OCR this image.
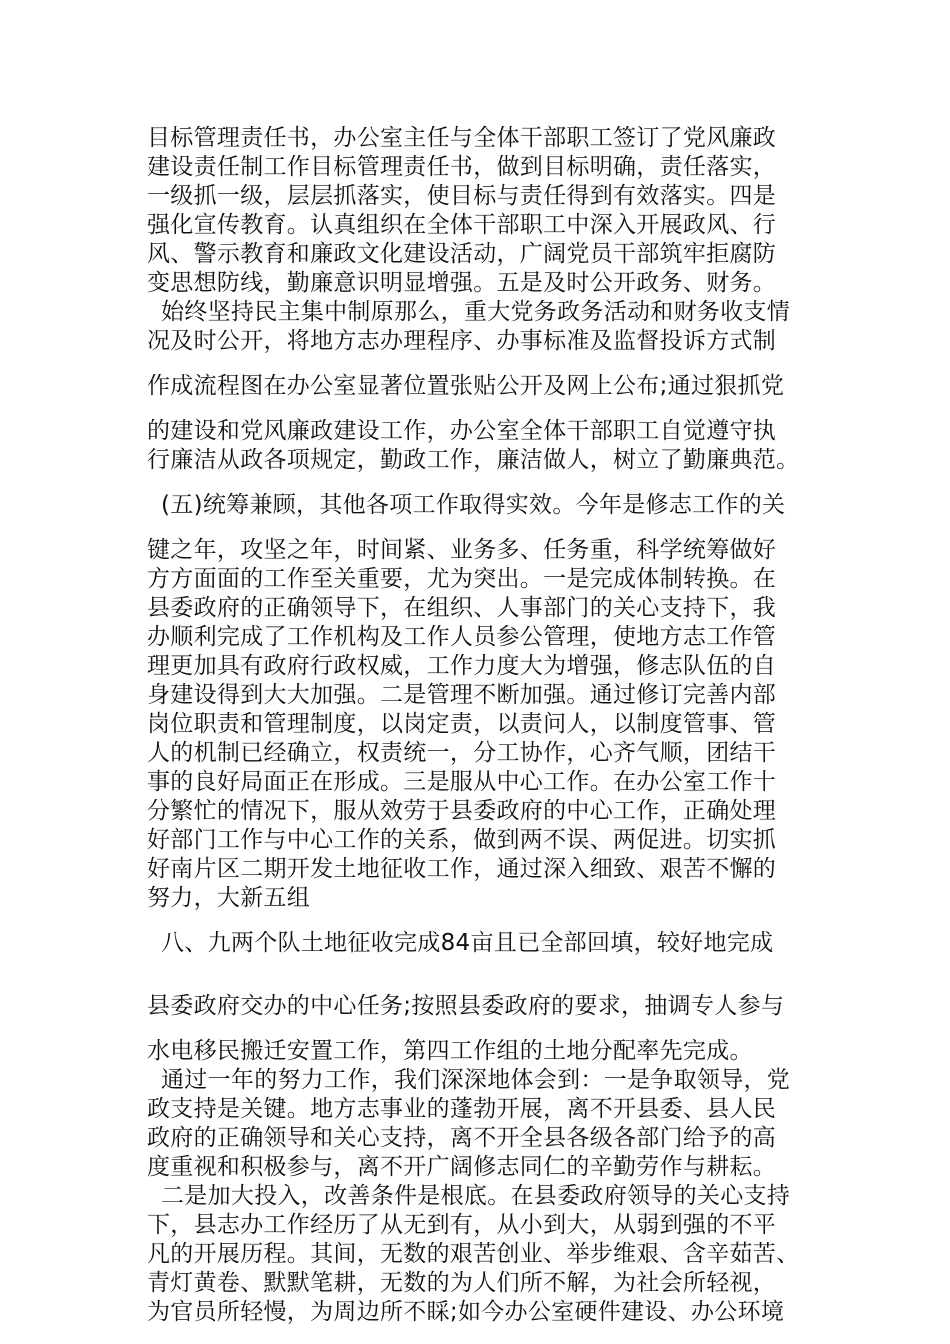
目标管理责任书，办公室主任与全体干部职工签订了党风廉政

建设责任制工作目标管理责任书，做到目标明确，责任落实，

一级抓一级，层层抓落实，使目标与责任得到有效落实。四是

强化宣传教育。认真组织在全体干部职工中深入开展政风、行

风、警示教育和廉政文化建设活动，广阔党员干部筑牢拒腐防

变思想防线，勤廉意识明显增强。五是及时公开政务、财务。

始终坚持民主集中制原那么，重大党务政务活动和财务收支情

况及时公开，将地方志办理程序、办事标准及监督投诉方式制

作成流程图在办公室显著位置张贴公开及网上公布;通过狠抓党

的建设和党风廉政建设工作，办公室全体干部职工自觉遵守执

行廉洁从政各项规定，勤政工作，廉洁做人，树立了勤廉典范。

(五)统筹兼顾，其他各项工作取得实效。今年是修志工作的关

键之年，攻坚之年，时间紧、业务多、任务重，科学统筹做好

方方面面的工作至关重要，尤为突出。一是完成体制转换。在

县委政府的正确领导下，在组织、人事部门的关心支持下，我

办顺利完成了工作机构及工作人员参公管理，使地方志工作管

理更加具有政府行政权威，工作力度大为增强，修志队伍的自

身建设得到大大加强。二是管理不断加强。通过修订完善内部

岗位职责和管理制度，以岗定责，以责问人，以制度管事、管

人的机制已经确立，权责统一，分工协作，心齐气顺，团结干

事的良好局面正在形成。三是服从中心工作。在办公室工作十

分繁忙的情况下，服从效劳于县委政府的中心工作，正确处理

好部门工作与中心工作的关系，做到两不误、两促进。切实抓

好南片区二期开发土地征收工作，通过深入细致、艰苦不懈的

努力，大新五组

八、九两个队土地征收完成84亩且已全部回填，较好地完成

县委政府交办的中心任务;按照县委政府的要求，抽调专人参与

水电移民搬迁安置工作，第四工作组的土地分配率先完成。

通过一年的努力工作，我们深深地体会到：一是争取领导，党

政支持是关键。地方志事业的蓬勃开展，离不开县委、县人民

政府的正确领导和关心支持，离不开全县各级各部门给予的高

度重视和积极参与，离不开广阔修志同仁的辛勤劳作与耕耘。

二是加大投入，改善条件是根底。在县委政府领导的关心支持

下，县志办工作经历了从无到有，从小到大，从弱到强的不平

凡的开展历程。其间，无数的艰苦创业、举步维艰、含辛茹苦、

青灯黄卷、默默笔耕，无数的为人们所不解，为社会所轻视，

为官员所轻慢，为周边所不睬;如今办公室硬件建设、办公环境
